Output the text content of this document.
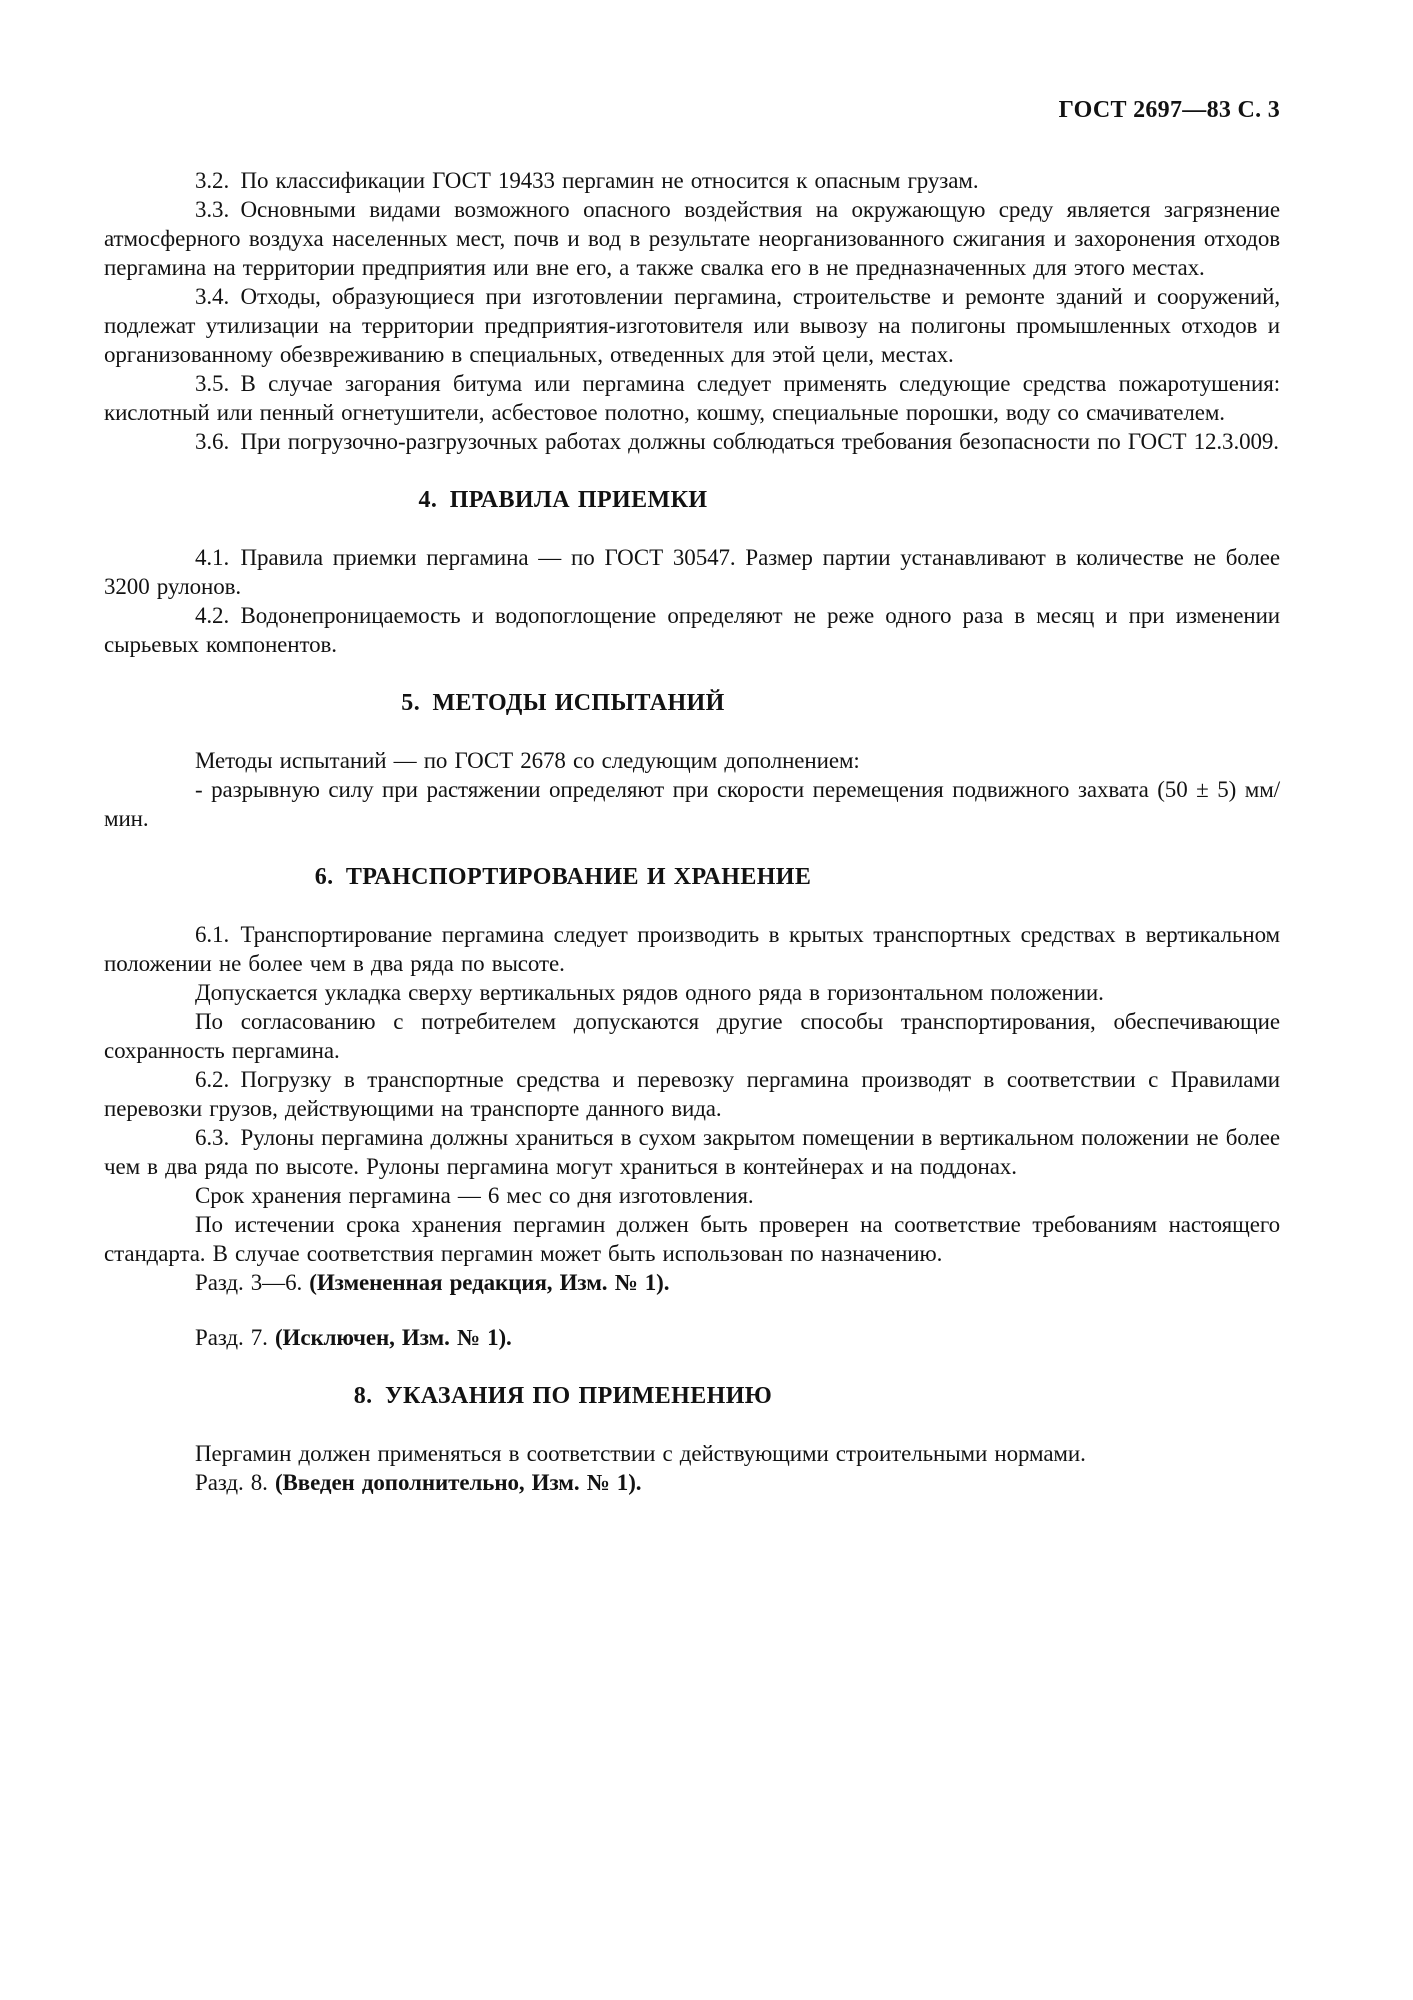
ГОСТ 2697—83 С. 3

3.2. По классификации ГОСТ 19433 пергамин не относится к опасным грузам.

3.3. Основными видами возможного опасного воздействия на окружающую среду является загрязнение атмосферного воздуха населенных мест, почв и вод в результате неорганизованного сжигания и захоронения отходов пергамина на территории предприятия или вне его, а также свалка его в не предназначенных для этого местах.

3.4. Отходы, образующиеся при изготовлении пергамина, строительстве и ремонте зданий и сооружений, подлежат утилизации на территории предприятия-изготовителя или вывозу на полигоны промышленных отходов и организованному обезвреживанию в специальных, отведенных для этой цели, местах.

3.5. В случае загорания битума или пергамина следует применять следующие средства пожаротушения: кислотный или пенный огнетушители, асбестовое полотно, кошму, специальные порошки, воду со смачивателем.

3.6. При погрузочно-разгрузочных работах должны соблюдаться требования безопасности по ГОСТ 12.3.009.

4. ПРАВИЛА ПРИЕМКИ

4.1. Правила приемки пергамина — по ГОСТ 30547. Размер партии устанавливают в количестве не более 3200 рулонов.

4.2. Водонепроницаемость и водопоглощение определяют не реже одного раза в месяц и при изменении сырьевых компонентов.

5. МЕТОДЫ ИСПЫТАНИЙ

Методы испытаний — по ГОСТ 2678 со следующим дополнением:

- разрывную силу при растяжении определяют при скорости перемещения подвижного захвата (50 ± 5) мм/мин.

6. ТРАНСПОРТИРОВАНИЕ И ХРАНЕНИЕ

6.1. Транспортирование пергамина следует производить в крытых транспортных средствах в вертикальном положении не более чем в два ряда по высоте.

Допускается укладка сверху вертикальных рядов одного ряда в горизонтальном положении.

По согласованию с потребителем допускаются другие способы транспортирования, обеспечивающие сохранность пергамина.

6.2. Погрузку в транспортные средства и перевозку пергамина производят в соответствии с Правилами перевозки грузов, действующими на транспорте данного вида.

6.3. Рулоны пергамина должны храниться в сухом закрытом помещении в вертикальном положении не более чем в два ряда по высоте. Рулоны пергамина могут храниться в контейнерах и на поддонах.

Срок хранения пергамина — 6 мес со дня изготовления.

По истечении срока хранения пергамин должен быть проверен на соответствие требованиям настоящего стандарта. В случае соответствия пергамин может быть использован по назначению.

Разд. 3—6. (Измененная редакция, Изм. № 1).

Разд. 7. (Исключен, Изм. № 1).

8. УКАЗАНИЯ ПО ПРИМЕНЕНИЮ

Пергамин должен применяться в соответствии с действующими строительными нормами.

Разд. 8. (Введен дополнительно, Изм. № 1).
